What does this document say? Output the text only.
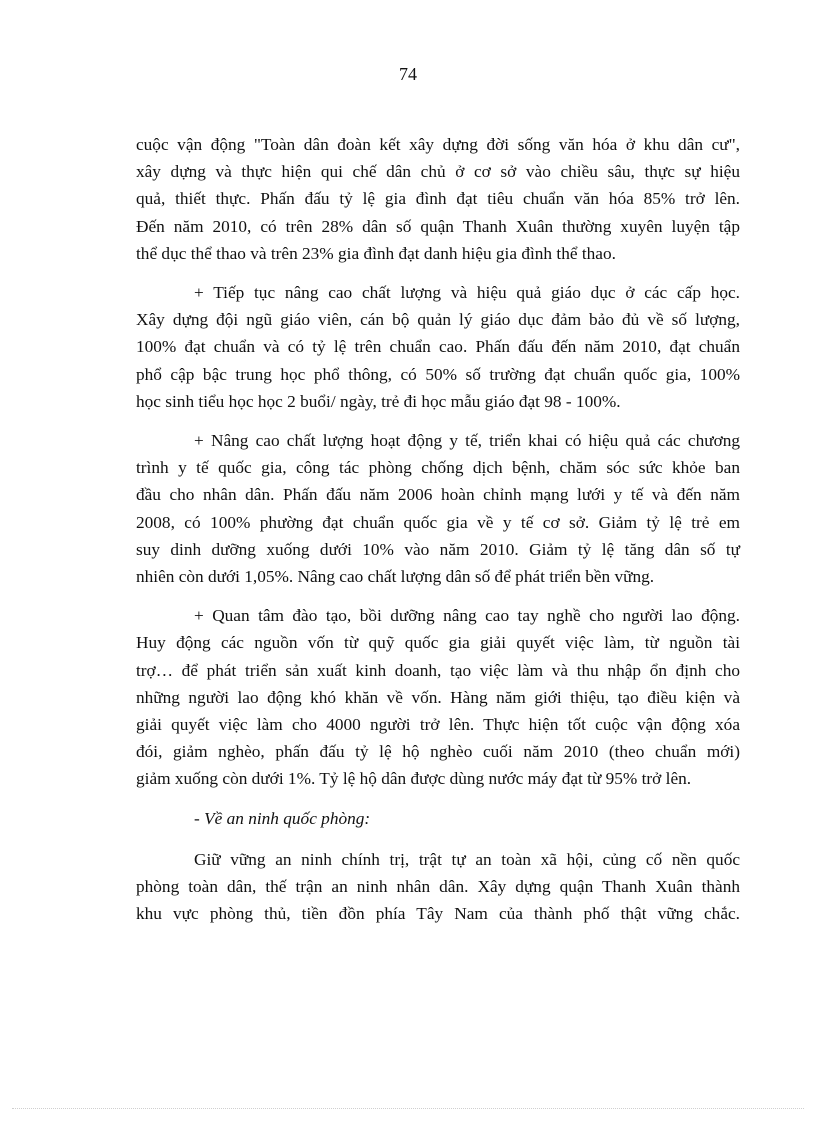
74
cuộc vận động "Toàn dân đoàn kết xây dựng đời sống văn hóa ở khu dân cư",
xây dựng và thực hiện qui chế dân chủ ở cơ sở vào chiều sâu, thực sự hiệu
quả, thiết thực. Phấn đấu tỷ lệ gia đình đạt tiêu chuẩn văn hóa 85% trở lên.
Đến năm 2010, có trên 28% dân số quận Thanh Xuân thường xuyên luyện tập
thể dục thể thao và trên 23% gia đình đạt danh hiệu gia đình thể thao.
+ Tiếp tục nâng cao chất lượng và hiệu quả giáo dục ở các cấp học.
Xây dựng đội ngũ giáo viên, cán bộ quản lý giáo dục đảm bảo đủ về số lượng,
100% đạt chuẩn và có tỷ lệ trên chuẩn cao. Phấn đấu đến năm 2010, đạt chuẩn
phổ cập bậc trung học phổ thông, có 50% số trường đạt chuẩn quốc gia, 100%
học sinh tiểu học học 2 buổi/ ngày, trẻ đi học mẫu giáo đạt 98 - 100%.
+ Nâng cao chất lượng hoạt động y tế, triển khai có hiệu quả các chương
trình y tế quốc gia, công tác phòng chống dịch bệnh, chăm sóc sức khỏe ban
đầu cho nhân dân. Phấn đấu năm 2006 hoàn chỉnh mạng lưới y tế và đến năm
2008, có 100% phường đạt chuẩn quốc gia về y tế cơ sở. Giảm tỷ lệ trẻ em
suy dinh dưỡng xuống dưới 10% vào năm 2010. Giảm tỷ lệ tăng dân số tự
nhiên còn dưới 1,05%. Nâng cao chất lượng dân số để phát triển bền vững.
+ Quan tâm đào tạo, bồi dưỡng nâng cao tay nghề cho người lao động.
Huy động các nguồn vốn từ quỹ quốc gia giải quyết việc làm, từ nguồn tài
trợ… để phát triển sản xuất kinh doanh, tạo việc làm và thu nhập ổn định cho
những người lao động khó khăn về vốn. Hàng năm giới thiệu, tạo điều kiện và
giải quyết việc làm cho 4000 người trở lên. Thực hiện tốt cuộc vận động xóa
đói, giảm nghèo, phấn đấu tỷ lệ hộ nghèo cuối năm 2010 (theo chuẩn mới)
giảm xuống còn dưới 1%. Tỷ lệ hộ dân được dùng nước máy đạt từ 95% trở lên.
- Về an ninh quốc phòng:
Giữ vững an ninh chính trị, trật tự an toàn xã hội, củng cố nền quốc
phòng toàn dân, thế trận an ninh nhân dân. Xây dựng quận Thanh Xuân thành
khu vực phòng thủ, tiền đồn phía Tây Nam của thành phố thật vững chắc.
